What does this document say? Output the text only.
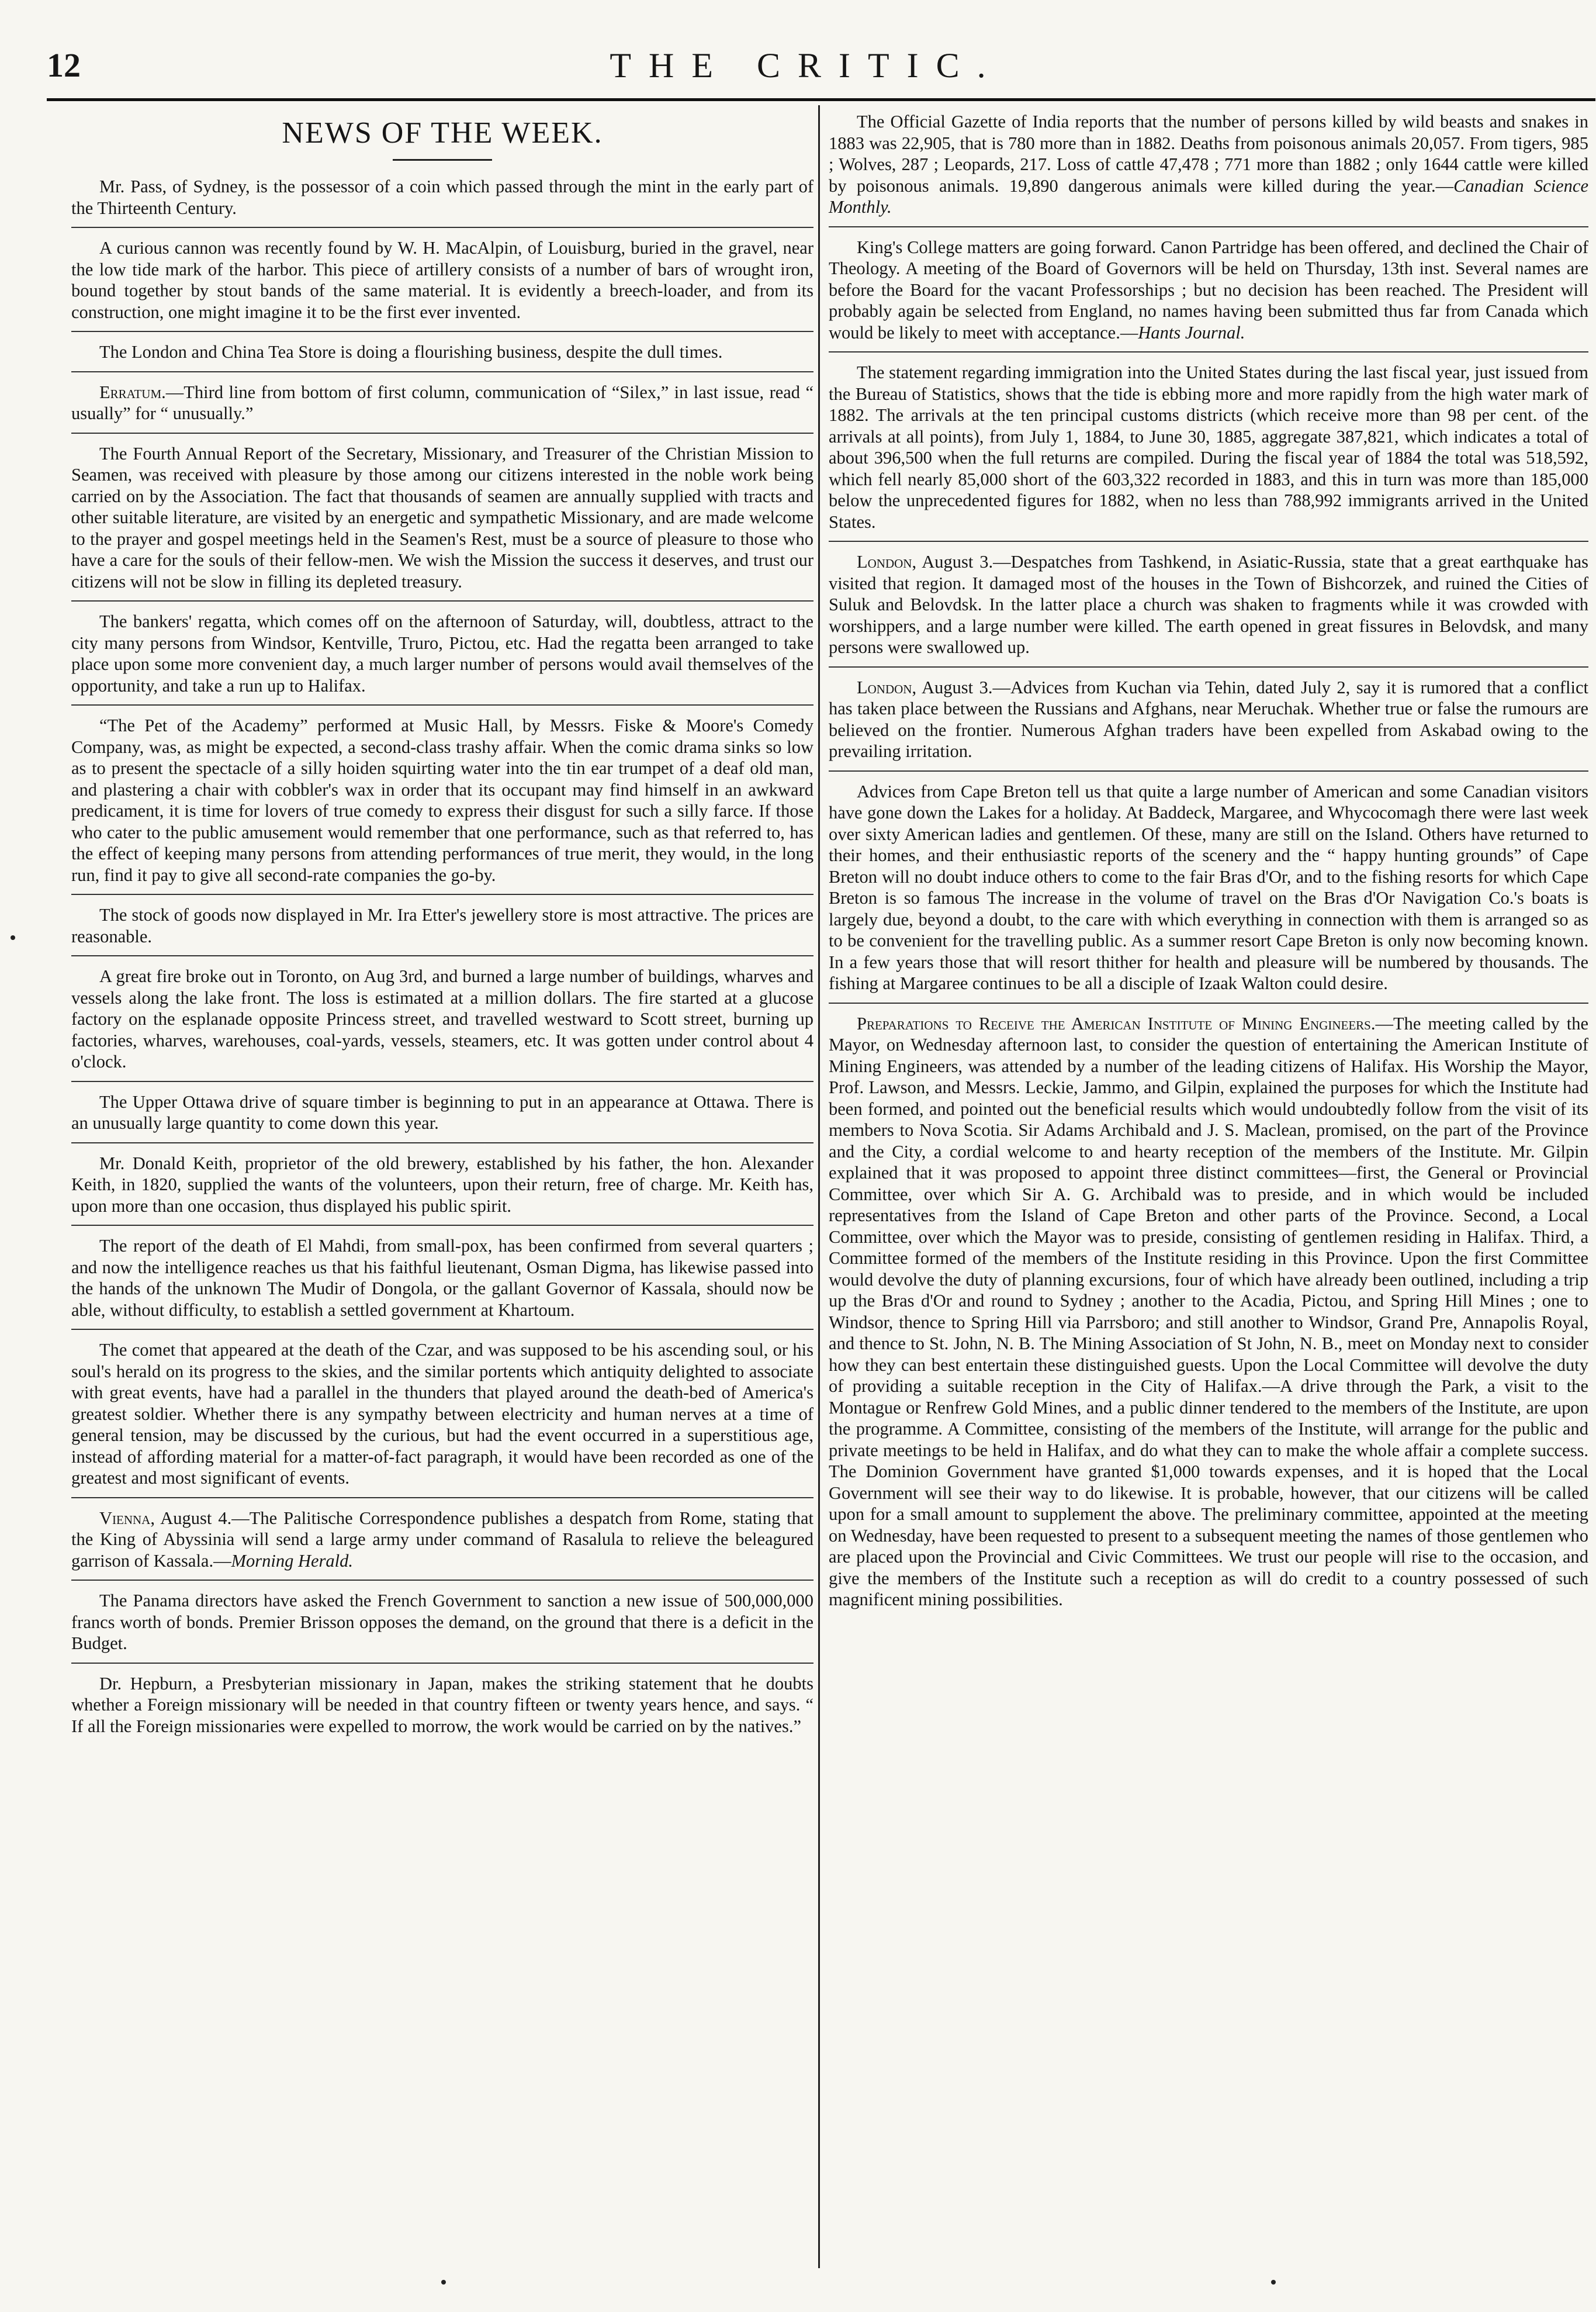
12	THE CRITIC.
NEWS OF THE WEEK.

Mr. Pass, of Sydney, is the possessor of a coin which passed through the mint in the early part of the Thirteenth Century.

A curious cannon was recently found by W. H. MacAlpin, of Louisburg, buried in the gravel, near the low tide mark of the harbor. This piece of artillery consists of a number of bars of wrought iron, bound together by stout bands of the same material. It is evidently a breech-loader, and from its construction, one might imagine it to be the first ever invented.

The London and China Tea Store is doing a flourishing business, despite the dull times.

Erratum.—Third line from bottom of first column, communication of “Silex,” in last issue, read “ usually” for “ unusually.”

The Fourth Annual Report of the Secretary, Missionary, and Treasurer of the Christian Mission to Seamen, was received with pleasure by those among our citizens interested in the noble work being carried on by the Association. The fact that thousands of seamen are annually supplied with tracts and other suitable literature, are visited by an energetic and sympathetic Missionary, and are made welcome to the prayer and gospel meetings held in the Seamen's Rest, must be a source of pleasure to those who have a care for the souls of their fellow-men. We wish the Mission the success it deserves, and trust our citizens will not be slow in filling its depleted treasury.

The bankers' regatta, which comes off on the afternoon of Saturday, will, doubtless, attract to the city many persons from Windsor, Kentville, Truro, Pictou, etc. Had the regatta been arranged to take place upon some more convenient day, a much larger number of persons would avail themselves of the opportunity, and take a run up to Halifax.

“The Pet of the Academy” performed at Music Hall, by Messrs. Fiske & Moore's Comedy Company, was, as might be expected, a second-class trashy affair. When the comic drama sinks so low as to present the spectacle of a silly hoiden squirting water into the tin ear trumpet of a deaf old man, and plastering a chair with cobbler's wax in order that its occupant may find himself in an awkward predicament, it is time for lovers of true comedy to express their disgust for such a silly farce. If those who cater to the public amusement would remember that one performance, such as that referred to, has the effect of keeping many persons from attending performances of true merit, they would, in the long run, find it pay to give all second-rate companies the go-by.

The stock of goods now displayed in Mr. Ira Etter's jewellery store is most attractive. The prices are reasonable.

A great fire broke out in Toronto, on Aug 3rd, and burned a large number of buildings, wharves and vessels along the lake front. The loss is estimated at a million dollars. The fire started at a glucose factory on the esplanade opposite Princess street, and travelled westward to Scott street, burning up factories, wharves, warehouses, coal-yards, vessels, steamers, etc. It was gotten under control about 4 o'clock.

The Upper Ottawa drive of square timber is beginning to put in an appearance at Ottawa. There is an unusually large quantity to come down this year.

Mr. Donald Keith, proprietor of the old brewery, established by his father, the hon. Alexander Keith, in 1820, supplied the wants of the volunteers, upon their return, free of charge. Mr. Keith has, upon more than one occasion, thus displayed his public spirit.

The report of the death of El Mahdi, from small-pox, has been confirmed from several quarters ; and now the intelligence reaches us that his faithful lieutenant, Osman Digma, has likewise passed into the hands of the unknown The Mudir of Dongola, or the gallant Governor of Kassala, should now be able, without difficulty, to establish a settled government at Khartoum.

The comet that appeared at the death of the Czar, and was supposed to be his ascending soul, or his soul's herald on its progress to the skies, and the similar portents which antiquity delighted to associate with great events, have had a parallel in the thunders that played around the death-bed of America's greatest soldier. Whether there is any sympathy between electricity and human nerves at a time of general tension, may be discussed by the curious, but had the event occurred in a superstitious age, instead of affording material for a matter-of-fact paragraph, it would have been recorded as one of the greatest and most significant of events.

Vienna, August 4.—The Palitische Correspondence publishes a despatch from Rome, stating that the King of Abyssinia will send a large army under command of Rasalula to relieve the beleagured garrison of Kassala.—Morning Herald.

The Panama directors have asked the French Government to sanction a new issue of 500,000,000 francs worth of bonds. Premier Brisson opposes the demand, on the ground that there is a deficit in the Budget.

Dr. Hepburn, a Presbyterian missionary in Japan, makes the striking statement that he doubts whether a Foreign missionary will be needed in that country fifteen or twenty years hence, and says. “ If all the Foreign missionaries were expelled to morrow, the work would be carried on by the natives.”

The Official Gazette of India reports that the number of persons killed by wild beasts and snakes in 1883 was 22,905, that is 780 more than in 1882. Deaths from poisonous animals 20,057. From tigers, 985 ; Wolves, 287 ; Leopards, 217. Loss of cattle 47,478 ; 771 more than 1882 ; only 1644 cattle were killed by poisonous animals. 19,890 dangerous animals were killed during the year.—Canadian Science Monthly.

King's College matters are going forward. Canon Partridge has been offered, and declined the Chair of Theology. A meeting of the Board of Governors will be held on Thursday, 13th inst. Several names are before the Board for the vacant Professorships ; but no decision has been reached. The President will probably again be selected from England, no names having been submitted thus far from Canada which would be likely to meet with acceptance.—Hants Journal.

The statement regarding immigration into the United States during the last fiscal year, just issued from the Bureau of Statistics, shows that the tide is ebbing more and more rapidly from the high water mark of 1882. The arrivals at the ten principal customs districts (which receive more than 98 per cent. of the arrivals at all points), from July 1, 1884, to June 30, 1885, aggregate 387,821, which indicates a total of about 396,500 when the full returns are compiled. During the fiscal year of 1884 the total was 518,592, which fell nearly 85,000 short of the 603,322 recorded in 1883, and this in turn was more than 185,000 below the unprecedented figures for 1882, when no less than 788,992 immigrants arrived in the United States.

London, August 3.—Despatches from Tashkend, in Asiatic-Russia, state that a great earthquake has visited that region. It damaged most of the houses in the Town of Bishcorzek, and ruined the Cities of Suluk and Belovdsk. In the latter place a church was shaken to fragments while it was crowded with worshippers, and a large number were killed. The earth opened in great fissures in Belovdsk, and many persons were swallowed up.

London, August 3.—Advices from Kuchan via Tehin, dated July 2, say it is rumored that a conflict has taken place between the Russians and Afghans, near Meruchak. Whether true or false the rumours are believed on the frontier. Numerous Afghan traders have been expelled from Askabad owing to the prevailing irritation.

Advices from Cape Breton tell us that quite a large number of American and some Canadian visitors have gone down the Lakes for a holiday. At Baddeck, Margaree, and Whycocomagh there were last week over sixty American ladies and gentlemen. Of these, many are still on the Island. Others have returned to their homes, and their enthusiastic reports of the scenery and the “ happy hunting grounds” of Cape Breton will no doubt induce others to come to the fair Bras d'Or, and to the fishing resorts for which Cape Breton is so famous The increase in the volume of travel on the Bras d'Or Navigation Co.'s boats is largely due, beyond a doubt, to the care with which everything in connection with them is arranged so as to be convenient for the travelling public. As a summer resort Cape Breton is only now becoming known. In a few years those that will resort thither for health and pleasure will be numbered by thousands. The fishing at Margaree continues to be all a disciple of Izaak Walton could desire.

Preparations to Receive the American Institute of Mining Engineers.—The meeting called by the Mayor, on Wednesday afternoon last, to consider the question of entertaining the American Institute of Mining Engineers, was attended by a number of the leading citizens of Halifax. His Worship the Mayor, Prof. Lawson, and Messrs. Leckie, Jammo, and Gilpin, explained the purposes for which the Institute had been formed, and pointed out the beneficial results which would undoubtedly follow from the visit of its members to Nova Scotia. Sir Adams Archibald and J. S. Maclean, promised, on the part of the Province and the City, a cordial welcome to and hearty reception of the members of the Institute. Mr. Gilpin explained that it was proposed to appoint three distinct committees—first, the General or Provincial Committee, over which Sir A. G. Archibald was to preside, and in which would be included representatives from the Island of Cape Breton and other parts of the Province. Second, a Local Committee, over which the Mayor was to preside, consisting of gentlemen residing in Halifax. Third, a Committee formed of the members of the Institute residing in this Province. Upon the first Committee would devolve the duty of planning excursions, four of which have already been outlined, including a trip up the Bras d'Or and round to Sydney ; another to the Acadia, Pictou, and Spring Hill Mines ; one to Windsor, thence to Spring Hill via Parrsboro; and still another to Windsor, Grand Pre, Annapolis Royal, and thence to St. John, N. B. The Mining Association of St John, N. B., meet on Monday next to consider how they can best entertain these distinguished guests. Upon the Local Committee will devolve the duty of providing a suitable reception in the City of Halifax.—A drive through the Park, a visit to the Montague or Renfrew Gold Mines, and a public dinner tendered to the members of the Institute, are upon the programme. A Committee, consisting of the members of the Institute, will arrange for the public and private meetings to be held in Halifax, and do what they can to make the whole affair a complete success. The Dominion Government have granted $1,000 towards expenses, and it is hoped that the Local Government will see their way to do likewise. It is probable, however, that our citizens will be called upon for a small amount to supplement the above. The preliminary committee, appointed at the meeting on Wednesday, have been requested to present to a subsequent meeting the names of those gentlemen who are placed upon the Provincial and Civic Committees. We trust our people will rise to the occasion, and give the members of the Institute such a reception as will do credit to a country possessed of such magnificent mining possibilities.
